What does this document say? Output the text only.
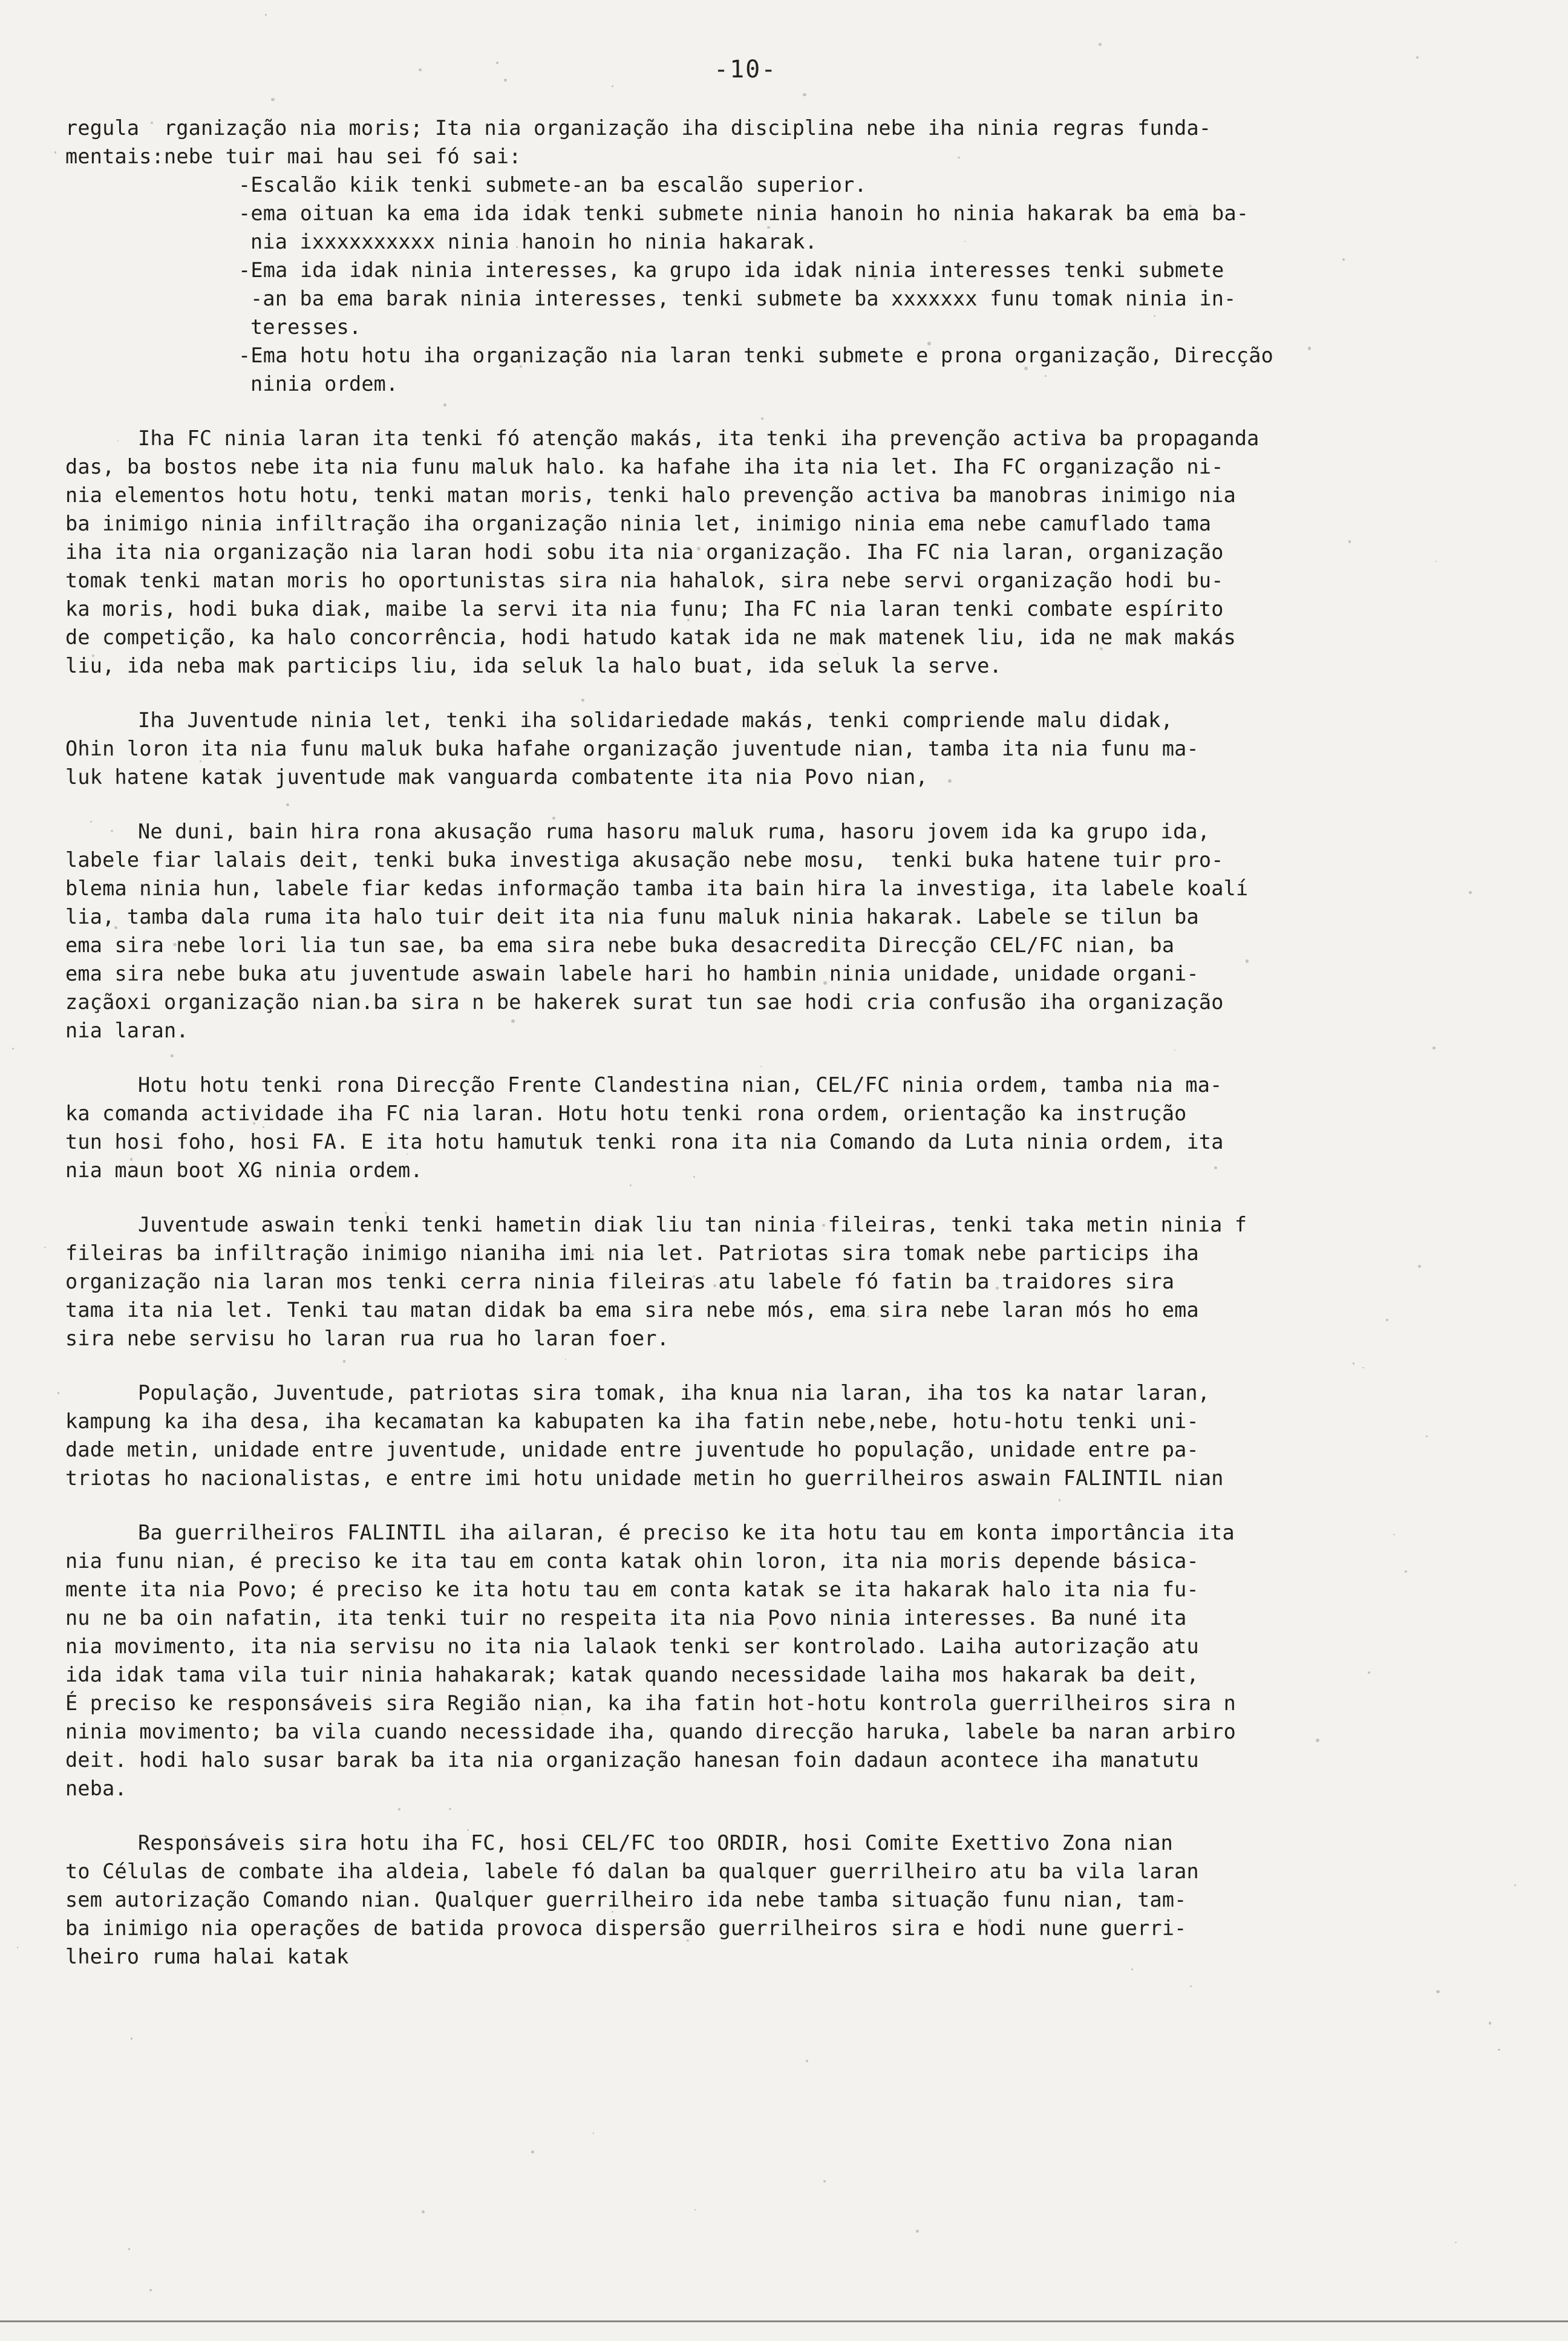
-10-
regula  rganização nia moris; Ita nia organização iha disciplina nebe iha ninia regras funda-
mentais:nebe tuir mai hau sei fó sai:
-Escalão kiik tenki submete-an ba escalão superior.
-ema oituan ka ema ida idak tenki submete ninia hanoin ho ninia hakarak ba ema ba-
nia ixxxxxxxxxx ninia hanoin ho ninia hakarak.
-Ema ida idak ninia interesses, ka grupo ida idak ninia interesses tenki submete
-an ba ema barak ninia interesses, tenki submete ba xxxxxxx funu tomak ninia in-
teresses.
-Ema hotu hotu iha organização nia laran tenki submete e prona organização, Direcção
ninia ordem.
Iha FC ninia laran ita tenki fó atenção makás, ita tenki iha prevenção activa ba propaganda
das, ba bostos nebe ita nia funu maluk halo. ka hafahe iha ita nia let. Iha FC organização ni-
nia elementos hotu hotu, tenki matan moris, tenki halo prevenção activa ba manobras inimigo nia
ba inimigo ninia infiltração iha organização ninia let, inimigo ninia ema nebe camuflado tama
iha ita nia organização nia laran hodi sobu ita nia organização. Iha FC nia laran, organização
tomak tenki matan moris ho oportunistas sira nia hahalok, sira nebe servi organização hodi bu-
ka moris, hodi buka diak, maibe la servi ita nia funu; Iha FC nia laran tenki combate espírito
de competição, ka halo concorrência, hodi hatudo katak ida ne mak matenek liu, ida ne mak makás
liu, ida neba mak particips liu, ida seluk la halo buat, ida seluk la serve.
Iha Juventude ninia let, tenki iha solidariedade makás, tenki compriende malu didak,
Ohin loron ita nia funu maluk buka hafahe organização juventude nian, tamba ita nia funu ma-
luk hatene katak juventude mak vanguarda combatente ita nia Povo nian,
Ne duni, bain hira rona akusação ruma hasoru maluk ruma, hasoru jovem ida ka grupo ida,
labele fiar lalais deit, tenki buka investiga akusação nebe mosu,  tenki buka hatene tuir pro-
blema ninia hun, labele fiar kedas informação tamba ita bain hira la investiga, ita labele koalí
lia, tamba dala ruma ita halo tuir deit ita nia funu maluk ninia hakarak. Labele se tilun ba
ema sira nebe lori lia tun sae, ba ema sira nebe buka desacredita Direcção CEL/FC nian, ba
ema sira nebe buka atu juventude aswain labele hari ho hambin ninia unidade, unidade organi-
zaçãoxi organização nian.ba sira n be hakerek surat tun sae hodi cria confusão iha organização
nia laran.
Hotu hotu tenki rona Direcção Frente Clandestina nian, CEL/FC ninia ordem, tamba nia ma-
ka comanda actividade iha FC nia laran. Hotu hotu tenki rona ordem, orientação ka instrução
tun hosi foho, hosi FA. E ita hotu hamutuk tenki rona ita nia Comando da Luta ninia ordem, ita
nia maun boot XG ninia ordem.
Juventude aswain tenki tenki hametin diak liu tan ninia fileiras, tenki taka metin ninia f
fileiras ba infiltração inimigo nianiha imi nia let. Patriotas sira tomak nebe particips iha
organização nia laran mos tenki cerra ninia fileiras atu labele fó fatin ba traidores sira
tama ita nia let. Tenki tau matan didak ba ema sira nebe mós, ema sira nebe laran mós ho ema
sira nebe servisu ho laran rua rua ho laran foer.
População, Juventude, patriotas sira tomak, iha knua nia laran, iha tos ka natar laran,
kampung ka iha desa, iha kecamatan ka kabupaten ka iha fatin nebe,nebe, hotu-hotu tenki uni-
dade metin, unidade entre juventude, unidade entre juventude ho população, unidade entre pa-
triotas ho nacionalistas, e entre imi hotu unidade metin ho guerrilheiros aswain FALINTIL nian
Ba guerrilheiros FALINTIL iha ailaran, é preciso ke ita hotu tau em konta importância ita
nia funu nian, é preciso ke ita tau em conta katak ohin loron, ita nia moris depende básica-
mente ita nia Povo; é preciso ke ita hotu tau em conta katak se ita hakarak halo ita nia fu-
nu ne ba oin nafatin, ita tenki tuir no respeita ita nia Povo ninia interesses. Ba nuné ita
nia movimento, ita nia servisu no ita nia lalaok tenki ser kontrolado. Laiha autorização atu
ida idak tama vila tuir ninia hahakarak; katak quando necessidade laiha mos hakarak ba deit,
É preciso ke responsáveis sira Região nian, ka iha fatin hot-hotu kontrola guerrilheiros sira n
ninia movimento; ba vila cuando necessidade iha, quando direcção haruka, labele ba naran arbiro
deit. hodi halo susar barak ba ita nia organização hanesan foin dadaun acontece iha manatutu
neba.
Responsáveis sira hotu iha FC, hosi CEL/FC too ORDIR, hosi Comite Exettivo Zona nian
to Células de combate iha aldeia, labele fó dalan ba qualquer guerrilheiro atu ba vila laran
sem autorização Comando nian. Qualquer guerrilheiro ida nebe tamba situação funu nian, tam-
ba inimigo nia operações de batida provoca dispersão guerrilheiros sira e hodi nune guerri-
lheiro ruma halai katak
